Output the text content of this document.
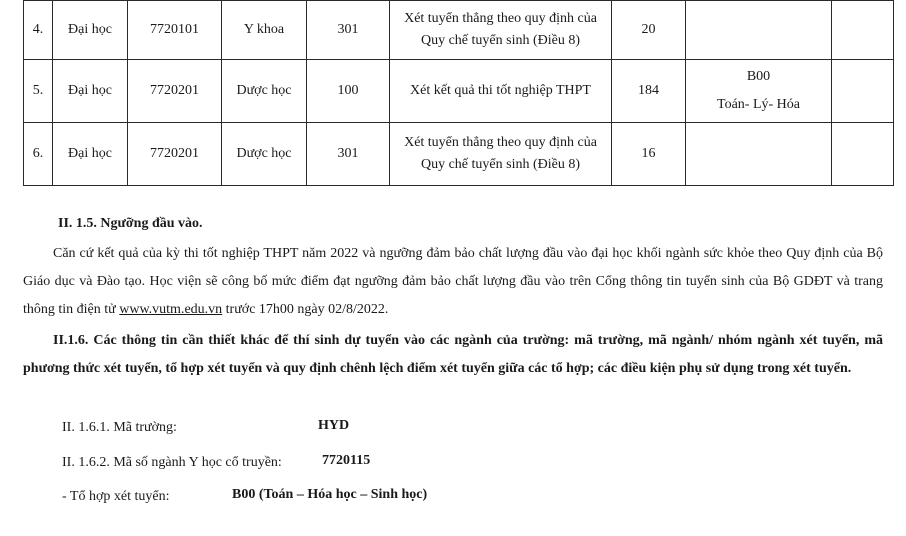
4.	Đại học	7720101	Y khoa	301	Xét tuyển thẳng theo quy định của
Quy chế tuyển sinh (Điều 8)	20	

5.	Đại học	7720201	Dược học	100	Xét kết quả thi tốt nghiệp THPT	184	B00
Toán- Lý- Hóa	

6.	Đại học	7720201	Dược học	301	Xét tuyển thẳng theo quy định của
Quy chế tuyển sinh (Điều 8)	16	

II. 1.5. Ngưỡng đầu vào.
Căn cứ kết quả của kỳ thi tốt nghiệp THPT năm 2022 và ngưỡng đảm bảo chất lượng đầu vào đại học khối ngành sức khỏe theo Quy định của Bộ Giáo dục và Đào tạo. Học viện sẽ công bố mức điểm đạt ngưỡng đảm bảo chất lượng đầu vào trên Cổng thông tin tuyển sinh của Bộ GDĐT và trang thông tin điện tử www.vutm.edu.vn trước 17h00 ngày 02/8/2022.
II.1.6. Các thông tin cần thiết khác để thí sinh dự tuyển vào các ngành của trường: mã trường, mã ngành/ nhóm ngành xét tuyển, mã phương thức xét tuyển, tổ hợp xét tuyển và quy định chênh lệch điểm xét tuyển giữa các tổ hợp; các điều kiện phụ sử dụng trong xét tuyển.
II. 1.6.1. Mã trường:	HYD
II. 1.6.2. Mã số ngành Y học cổ truyền:	7720115
- Tổ hợp xét tuyển:	B00 (Toán – Hóa học – Sinh học)
